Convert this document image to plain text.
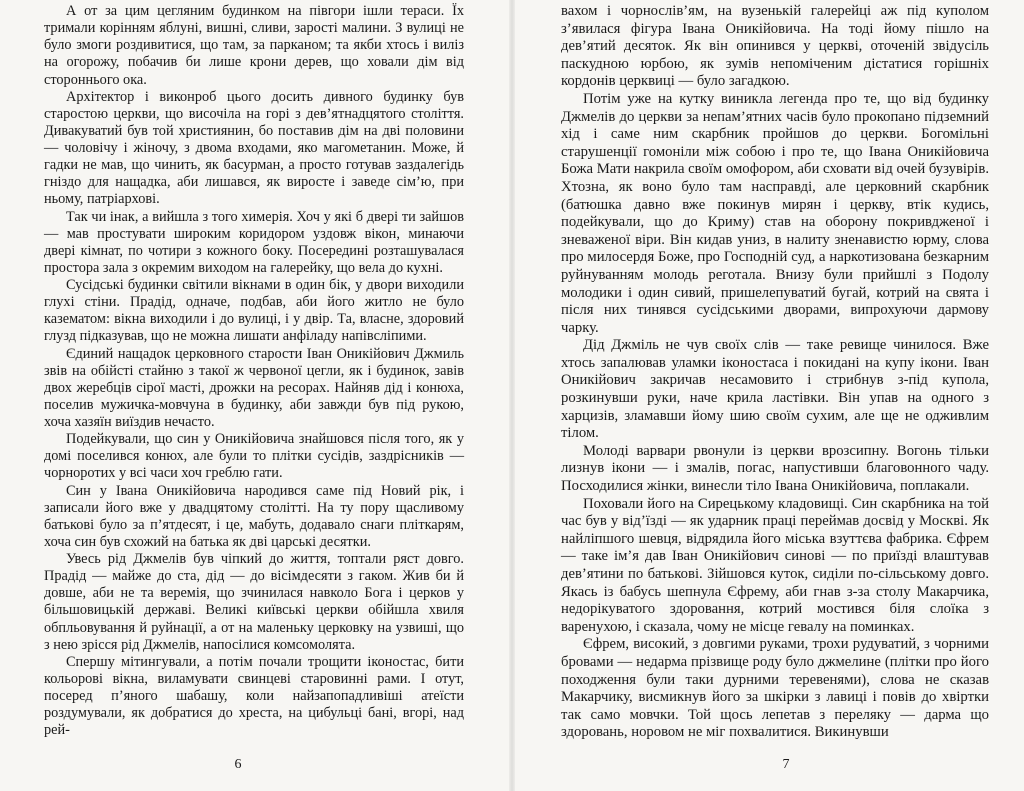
А от за цим цегляним будинком на півгори ішли тераси. Їх тримали корінням яблуні, вишні, сливи, зарості малини. З вулиці не було змоги роздивитися, що там, за парканом; та якби хтось і виліз на огорожу, побачив би лише крони дерев, що ховали дім від стороннього ока.

Архітектор і виконроб цього досить дивного будинку був старостою церкви, що височіла на горі з дев’ятнадцятого століття. Дивакуватий був той християнин, бо поставив дім на дві половини — чоловічу і жіночу, з двома входами, яко магометанин. Може, й гадки не мав, що чинить, як басурман, а просто готував заздалегідь гніздо для нащадка, аби лишався, як виросте і заведе сім’ю, при ньому, патріархові.

Так чи інак, а вийшла з того химерія. Хоч у які б двері ти зайшов — мав простувати широким коридором уздовж вікон, минаючи двері кімнат, по чотири з кожного боку. Посередині розташувалася простора зала з окремим виходом на галерейку, що вела до кухні.

Сусідські будинки світили вікнами в один бік, у двори виходили глухі стіни. Прадід, одначе, подбав, аби його житло не було казематом: вікна виходили і до вулиці, і у двір. Та, власне, здоровий глузд підказував, що не можна лишати анфіладу напівсліпими.

Єдиний нащадок церковного старости Іван Оникійович Джмиль звів на обійсті стайню з такої ж червоної цегли, як і будинок, завів двох жеребців сірої масті, дрожки на ресорах. Найняв дід і конюха, поселив мужичка-мовчуна в будинку, аби завжди був під рукою, хоча хазяїн виїздив нечасто.

Подейкували, що син у Оникійовича знайшовся після того, як у домі поселився конюх, але були то плітки сусідів, заздрісників — чорноротих у всі часи хоч греблю гати.

Син у Івана Оникійовича народився саме під Новий рік, і записали його вже у двадцятому столітті. На ту пору щасливому батькові було за п’ятдесят, і це, мабуть, додавало снаги пліткарям, хоча син був схожий на батька як дві царські десятки.

Увесь рід Джмелів був чіпкий до життя, топтали ряст довго. Прадід — майже до ста, дід — до вісімдесяти з гаком. Жив би й довше, аби не та веремія, що зчинилася навколо Бога і церков у більшовицькій державі. Великі київські церкви обійшла хвиля обпльовування й руйнації, а от на маленьку церковку на узвиші, що з нею зрісся рід Джмелів, напосілися комсомолята.

Спершу мітингували, а потім почали трощити іконостас, бити кольорові вікна, виламувати свинцеві старовинні рами. І отут, посеред п’яного шабашу, коли найзапопадливіші атеїсти роздумували, як добратися до хреста, на цибульці бані, вгорі, над рей-

6

вахом і чорнослів’ям, на вузенькій галерейці аж під куполом з’явилася фігура Івана Оникійовича. На тоді йому пішло на дев’ятий десяток. Як він опинився у церкві, оточеній звідусіль паскудною юрбою, як зумів непоміченим дістатися горішніх кордонів церквиці — було загадкою.

Потім уже на кутку виникла легенда про те, що від будинку Джмелів до церкви за непам’ятних часів було прокопано підземний хід і саме ним скарбник пройшов до церкви. Богомільні старушенції гомоніли між собою і про те, що Івана Оникійовича Божа Мати накрила своїм омофором, аби сховати від очей бузувірів. Хтозна, як воно було там насправді, але церковний скарбник (батюшка давно вже покинув мирян і церкву, втік кудись, подейкували, що до Криму) став на оборону покривдженої і зневаженої віри. Він кидав униз, в налиту зненавистю юрму, слова про милосердя Боже, про Господній суд, а наркотизована безкарним руйнуванням молодь реготала. Внизу були прийшлі з Подолу молодики і один сивий, пришелепуватий бугай, котрий на свята і після них тинявся сусідськими дворами, випрохуючи дармову чарку.

Дід Джміль не чув своїх слів — таке ревище чинилося. Вже хтось запалював уламки іконостаса і покидані на купу ікони. Іван Оникійович закричав несамовито і стрибнув з-під купола, розкинувши руки, наче крила ластівки. Він упав на одного з харцизів, зламавши йому шию своїм сухим, але ще не одживлим тілом.

Молоді варвари рвонули із церкви врозсипну. Вогонь тільки лизнув ікони — і змалів, погас, напустивши благовонного чаду. Посходилися жінки, винесли тіло Івана Оникійовича, поплакали.

Поховали його на Сирецькому кладовищі. Син скарбника на той час був у від’їзді — як ударник праці переймав досвід у Москві. Як найліпшого шевця, відрядила його міська взуттєва фабрика. Єфрем — таке ім’я дав Іван Оникійович синові — по приїзді влаштував дев’ятини по батькові. Зійшовся куток, сиділи по-сільському довго. Якась із бабусь шепнула Єфрему, аби гнав з-за столу Макарчика, недорікуватого здоровання, котрий мостився біля слоїка з варенухою, і сказала, чому не місце гевалу на поминках.

Єфрем, високий, з довгими руками, трохи рудуватий, з чорними бровами — недарма прізвище роду було джмелине (плітки про його походження були таки дурними теревенями), слова не сказав Макарчику, висмикнув його за шкірки з лавиці і повів до хвіртки так само мовчки. Той щось лепетав з переляку — дарма що здоровань, норовом не міг похвалитися. Викинувши

7
